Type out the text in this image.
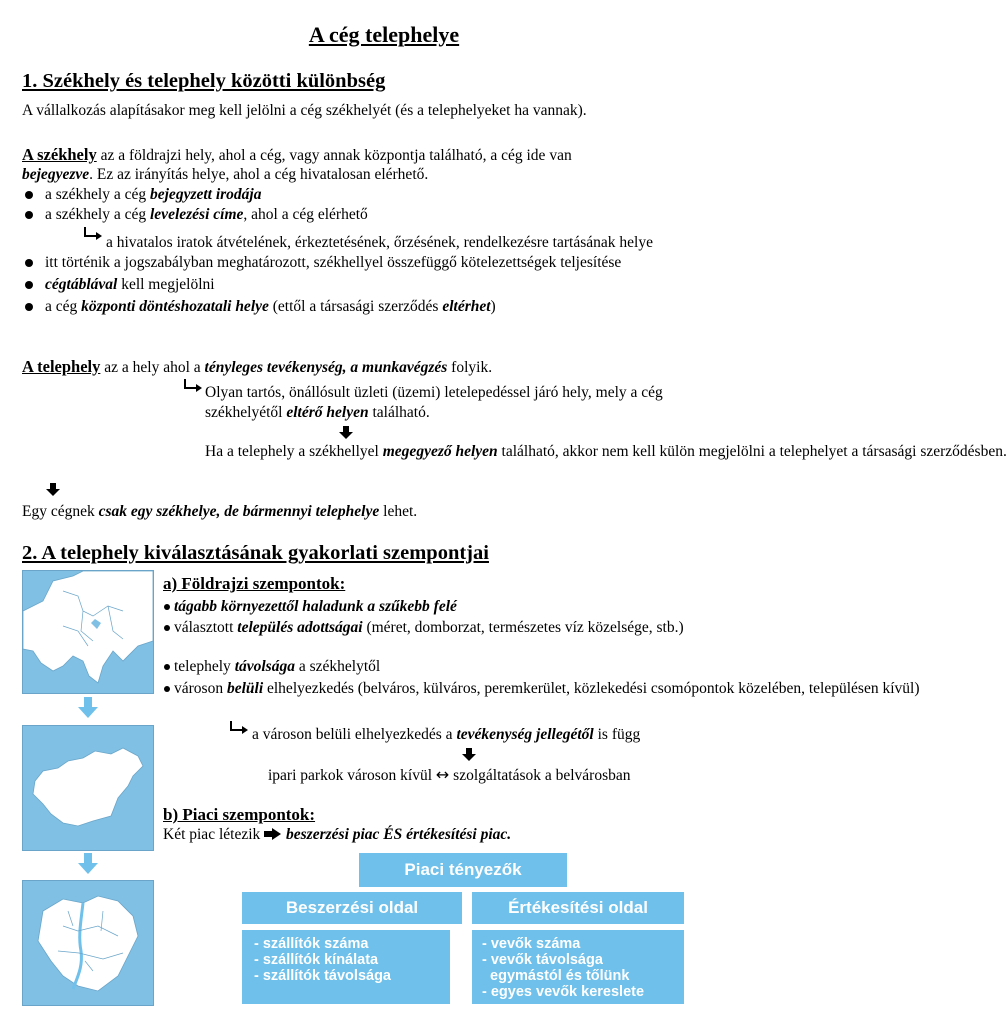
A cég telephelye
1. Székhely és telephely közötti különbség

A vállalkozás alapításakor meg kell jelölni a cég székhelyét (és a telephelyeket ha vannak).

A székhely az a földrajzi hely, ahol a cég, vagy annak központja található, a cég ide van

bejegyezve. Ez az irányítás helye, ahol a cég hivatalosan elérhető.

a székhely a cég bejegyzett irodája

a székhely a cég levelezési címe, ahol a cég elérhető

a hivatalos iratok átvételének, érkeztetésének, őrzésének, rendelkezésre tartásának helye

itt történik a jogszabályban meghatározott, székhellyel összefüggő kötelezettségek teljesítése

cégtáblával kell megjelölni

a cég központi döntéshozatali helye (ettől a társasági szerződés eltérhet)

A telephely az a hely ahol a tényleges tevékenység, a munkavégzés folyik.

Olyan tartós, önállósult üzleti (üzemi) letelepedéssel járó hely, mely a cég

székhelyétől eltérő helyen található.

Ha a telephely a székhellyel megegyező helyen található, akkor nem kell külön megjelölni a telephelyet a társasági szerződésben.

Egy cégnek csak egy székhelye, de bármennyi telephelye lehet.

2. A telephely kiválasztásának gyakorlati szempontjai

a) Földrajzi szempontok:

tágabb környezettől haladunk a szűkebb felé

választott település adottságai (méret, domborzat, természetes víz közelsége, stb.)

telephely távolsága a székhelytől

városon belüli elhelyezkedés (belváros, külváros, peremkerület, közlekedési csomópontok közelében, településen kívül)

a városon belüli elhelyezkedés a tevékenység jellegétől is függ

ipari parkok városon kívül ↔ szolgáltatások a belvárosban

b) Piaci szempontok:

Két piac létezik  beszerzési piac ÉS értékesítési piac.

Piaci tényezők
Beszerzési oldal	Értékesítési oldal
- szállítók száma
- szállítók kínálata
- szállítók távolsága
- vevők száma
- vevők távolsága
egymástól és tőlünk
- egyes vevők kereslete
